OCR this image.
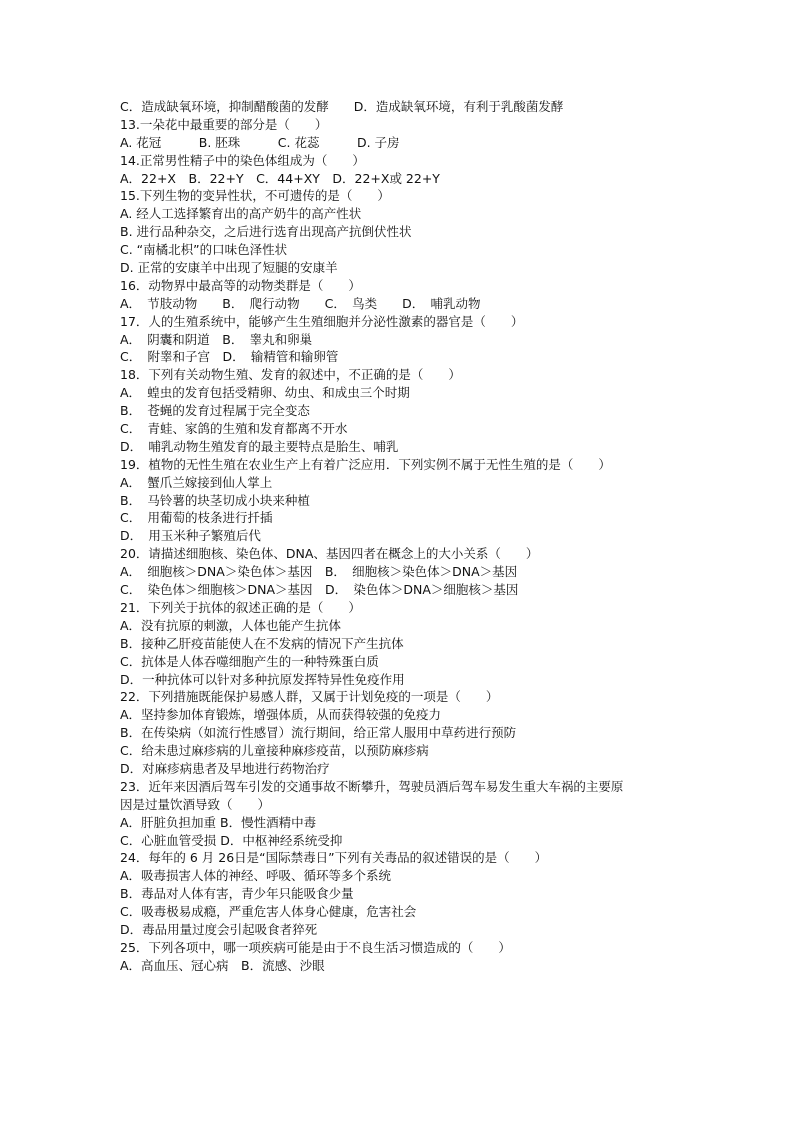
C．造成缺氧环境，抑制醋酸菌的发酵　　D．造成缺氧环境，有利于乳酸菌发酵
13.一朵花中最重要的部分是（　　）
A. 花冠　　　B. 胚珠　　　C. 花蕊　　　D. 子房
14.正常男性精子中的染色体组成为（　　）
A．22+X　B．22+Y　C．44+XY　D．22+X或 22+Y
15.下列生物的变异性状，不可遗传的是（　　）
A. 经人工选择繁育出的高产奶牛的高产性状
B. 进行品种杂交，之后进行选育出现高产抗倒伏性状
C. “南橘北枳”的口味色泽性状
D. 正常的安康羊中出现了短腿的安康羊
16．动物界中最高等的动物类群是（　　）
A．　节肢动物　　B．　爬行动物　　C．　鸟类　　D．　哺乳动物
17．人的生殖系统中，能够产生生殖细胞并分泌性激素的器官是（　　）
A．　阴囊和阴道　B．　睾丸和卵巢
C．　附睾和子宫　D．　输精管和输卵管
18．下列有关动物生殖、发育的叙述中，不正确的是（　　）
A．　蝗虫的发育包括受精卵、幼虫、和成虫三个时期
B．　苍蝇的发育过程属于完全变态
C．　青蛙、家鸽的生殖和发育都离不开水
D．　哺乳动物生殖发育的最主要特点是胎生、哺乳
19．植物的无性生殖在农业生产上有着广泛应用．下列实例不属于无性生殖的是（　　）
A．　蟹爪兰嫁接到仙人掌上
B．　马铃薯的块茎切成小块来种植
C．　用葡萄的枝条进行扦插
D．　用玉米种子繁殖后代
20．请描述细胞核、染色体、DNA、基因四者在概念上的大小关系（　　）
A．　细胞核＞DNA＞染色体＞基因　B．　细胞核＞染色体＞DNA＞基因
C．　染色体＞细胞核＞DNA＞基因　D．　染色体＞DNA＞细胞核＞基因
21．下列关于抗体的叙述正确的是（　　）
A．没有抗原的刺激，人体也能产生抗体
B．接种乙肝疫苗能使人在不发病的情况下产生抗体
C．抗体是人体吞噬细胞产生的一种特殊蛋白质
D．一种抗体可以针对多种抗原发挥特异性免疫作用
22．下列措施既能保护易感人群，又属于计划免疫的一项是（　　）
A．坚持参加体育锻炼，增强体质，从而获得较强的免疫力
B．在传染病（如流行性感冒）流行期间，给正常人服用中草药进行预防
C．给未患过麻疹病的儿童接种麻疹疫苗，以预防麻疹病
D．对麻疹病患者及早地进行药物治疗
23．近年来因酒后驾车引发的交通事故不断攀升，驾驶员酒后驾车易发生重大车祸的主要原
因是过量饮酒导致（　　）
A．肝脏负担加重 B．慢性酒精中毒
C．心脏血管受损 D．中枢神经系统受抑
24．每年的 6 月 26日是“国际禁毒日”下列有关毒品的叙述错误的是（　　）
A．吸毒损害人体的神经、呼吸、循环等多个系统
B．毒品对人体有害，青少年只能吸食少量
C．吸毒极易成瘾，严重危害人体身心健康，危害社会
D．毒品用量过度会引起吸食者猝死
25．下列各项中，哪一项疾病可能是由于不良生活习惯造成的（　　）
A．高血压、冠心病　B．流感、沙眼
